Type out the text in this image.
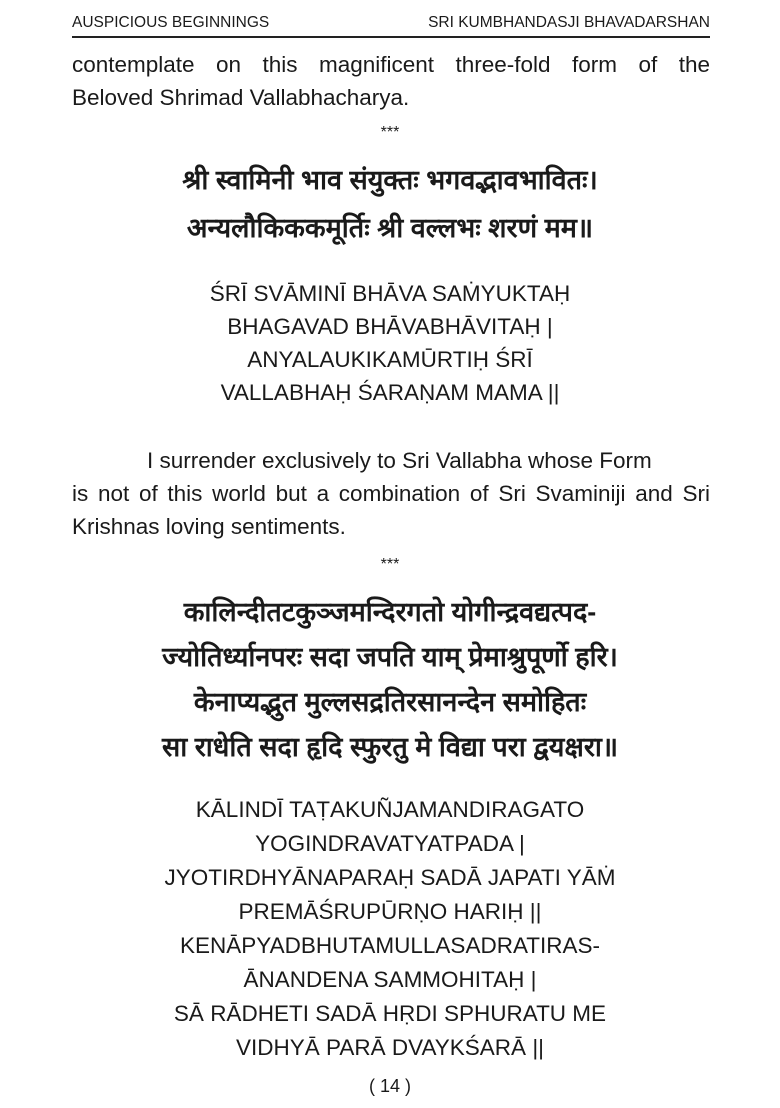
AUSPICIOUS BEGINNINGS	SRI KUMBHANDASJI BHAVADARSHAN
contemplate on this magnificent three-fold form of the
Beloved Shrimad Vallabhacharya.
***
श्री स्वामिनी भाव संयुक्तः भगवद्भावभावितः।
अन्यलौकिककमूर्तिः श्री वल्लभः शरणं मम॥
ŚRĪ SVĀMINĪ BHĀVA SAṀYUKTAḤ
BHAGAVAD BHĀVABHĀVITAḤ |
ANYALAUKIKAMŪRTIḤ ŚRĪ
VALLABHAḤ ŚARAṆAM MAMA ||
I surrender exclusively to Sri Vallabha whose Form
is not of this world but a combination of Sri Svaminiji and Sri
Krishnas loving sentiments.
***
कालिन्दीतटकुञ्जमन्दिरगतो योगीन्द्रवद्यत्पद-
ज्योतिर्ध्यानपरः सदा जपति याम् प्रेमाश्रुपूर्णो हरि।
केनाप्यद्भुत मुल्लसद्रतिरसानन्देन समोहितः
सा राधेति सदा हृदि स्फुरतु मे विद्या परा द्वयक्षरा॥
KĀLINDĪ TAṬAKUÑJAMANDIRAGATO
YOGINDRAVATYATPADA |
JYOTIRDHYĀNAPARAḤ SADĀ JAPATI YĀṀ
PREMĀŚRUPŪRṆO HARIḤ ||
KENĀPYADBHUTAMULLASADRATIRAS-
ĀNANDENA SAMMOHITAḤ |
SĀ RĀDHETI SADĀ HṚDI SPHURATU ME
VIDHYĀ PARĀ DVAYKŚARĀ ||
( 14 )
